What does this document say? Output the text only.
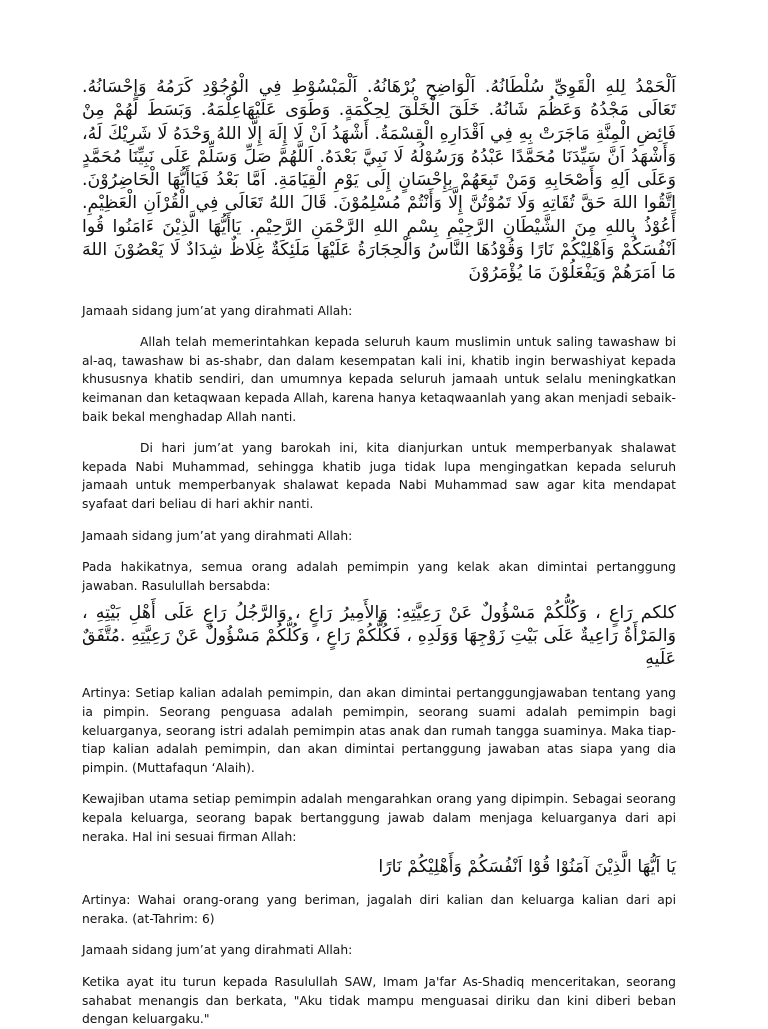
اَلْحَمْدُ لِلهِ الْقَوِيِّ سُلْطَانُهُ. اَلْوَاضِحِ بُرْهَانُهُ. اَلْمَبْسُوْطِ فِي الْوُجُوْدِ كَرَمُهُ وَإِحْسَانُهُ. تَعَالَى مَجْدُهُ وَعَظُمَ شَانُهُ. خَلَقَ الْخَلْقَ لِحِكْمَةٍ. وَطَوَى عَلَيْهَاعِلْمَهُ. وَبَسَطَ لَهُمْ مِنْ فَائِضِ الْمِنَّةِ مَاجَرَتْ بِهِ فِي اَقْدَارِهِ الْقِسْمَةُ. أَشْهَدُ اَنْ لَا إِلَهَ إِلَّا اللهُ وَحْدَهُ لَا شَرِيْكَ لَهُ، وَأَشْهَدُ اَنَّ سَيِّدَنَا مُحَمَّدًا عَبْدُهُ وَرَسُوْلُهُ لَا نَبِيَّ بَعْدَهُ. اَللَّهُمَّ صَلِّ وَسَلِّمْ عَلَى نَبِيِّنَا مُحَمَّدٍ وَعَلَى اَلِهِ وَأَصْحَابِهِ وَمَنْ تَبِعَهُمْ بِإِحْسَانٍ إِلَى يَوْمِ الْقِيَامَةِ. اَمَّا بَعْدُ فَيَاأَيُّهَا الْحَاضِرُوْنَ. اِتَّقُوا اللهَ حَقَّ تُقَاتِهِ وَلَا تَمُوْتُنَّ إِلَّا وَأَنْتُمْ مُسْلِمُوْنَ. قَالَ اللهُ تَعَالَى فِي الْقُرْاَنِ الْعَظِيْمِ. أَعُوْذُ بِاللهِ مِنَ الشَّيْطَانِ الرَّجِيْمِ بِسْمِ اللهِ الرَّحْمَنِ الرَّحِيْمِ. يَاأَيُّهَا الَّذِيْنَ ءَامَنُوا قُوا اَنْفُسَكُمْ وَاَهْلِيْكُمْ نَارًا وَقُوْدُهَا النَّاسُ وَالْحِجَارَةُ عَلَيْهَا مَلَئِكَةٌ غِلَاظٌ شِدَادٌ لَا يَعْصُوْنَ اللهَ مَا اَمَرَهُمْ وَيَفْعَلُوْنَ مَا يُؤْمَرُوْنَ

Jamaah sidang jum’at yang dirahmati Allah:

Allah telah memerintahkan kepada seluruh kaum muslimin untuk saling tawashaw bi al-aq, tawashaw bi as-shabr, dan dalam kesempatan kali ini, khatib ingin berwashiyat kepada khususnya khatib sendiri, dan umumnya kepada seluruh jamaah untuk selalu meningkatkan keimanan dan ketaqwaan kepada Allah, karena hanya ketaqwaanlah yang akan menjadi sebaik-baik bekal menghadap Allah nanti.

Di hari jum’at yang barokah ini, kita dianjurkan untuk memperbanyak shalawat kepada Nabi Muhammad, sehingga khatib juga tidak lupa mengingatkan kepada seluruh jamaah untuk memperbanyak shalawat kepada Nabi Muhammad saw agar kita mendapat syafaat dari beliau di hari akhir nanti.

Jamaah sidang jum’at yang dirahmati Allah:

Pada hakikatnya, semua orang adalah pemimpin yang kelak akan dimintai pertanggung jawaban. Rasulullah bersabda:

كلكم رَاعٍ ، وَكُلُّكُمْ مَسْؤُولٌ عَنْ رَعِيَّتِهِ: وَالأَمِيرُ رَاعٍ ، وَالرَّجُلُ رَاعٍ عَلَى أَهْلِ بَيْتِهِ ، وَالمَرْأَةُ رَاعِيةٌ عَلَى بَيْتِ زَوْجِهَا وَوَلَدِهِ ، فَكُلُّكُمْ رَاعٍ ، وَكُلُّكُمْ مَسْؤُولٌ عَنْ رَعِيَّتِهِ .مُتَّفَقٌ عَلَيهِ

Artinya: Setiap kalian adalah pemimpin, dan akan dimintai pertanggungjawaban tentang yang ia pimpin. Seorang penguasa adalah pemimpin, seorang suami adalah pemimpin bagi keluarganya, seorang istri adalah pemimpin atas anak dan rumah tangga suaminya. Maka tiap-tiap kalian adalah pemimpin, dan akan dimintai pertanggung jawaban atas siapa yang dia pimpin. (Muttafaqun ‘Alaih).

Kewajiban utama setiap pemimpin adalah mengarahkan orang yang dipimpin. Sebagai seorang kepala keluarga, seorang bapak bertanggung jawab dalam menjaga keluarganya dari api neraka. Hal ini sesuai firman Allah:

يَا اَيُّهَا الَّذِيْنَ آمَنُوْا قُوْا اَنْفُسَكُمْ وَأَهْلِيْكُمْ نَارًا

Artinya: Wahai orang-orang yang beriman, jagalah diri kalian dan keluarga kalian dari api neraka. (at-Tahrim: 6)

Jamaah sidang jum’at yang dirahmati Allah:

Ketika ayat itu turun kepada Rasulullah SAW, Imam Ja'far As-Shadiq menceritakan, seorang sahabat menangis dan berkata, "Aku tidak mampu menguasai diriku dan kini diberi beban dengan keluargaku."
